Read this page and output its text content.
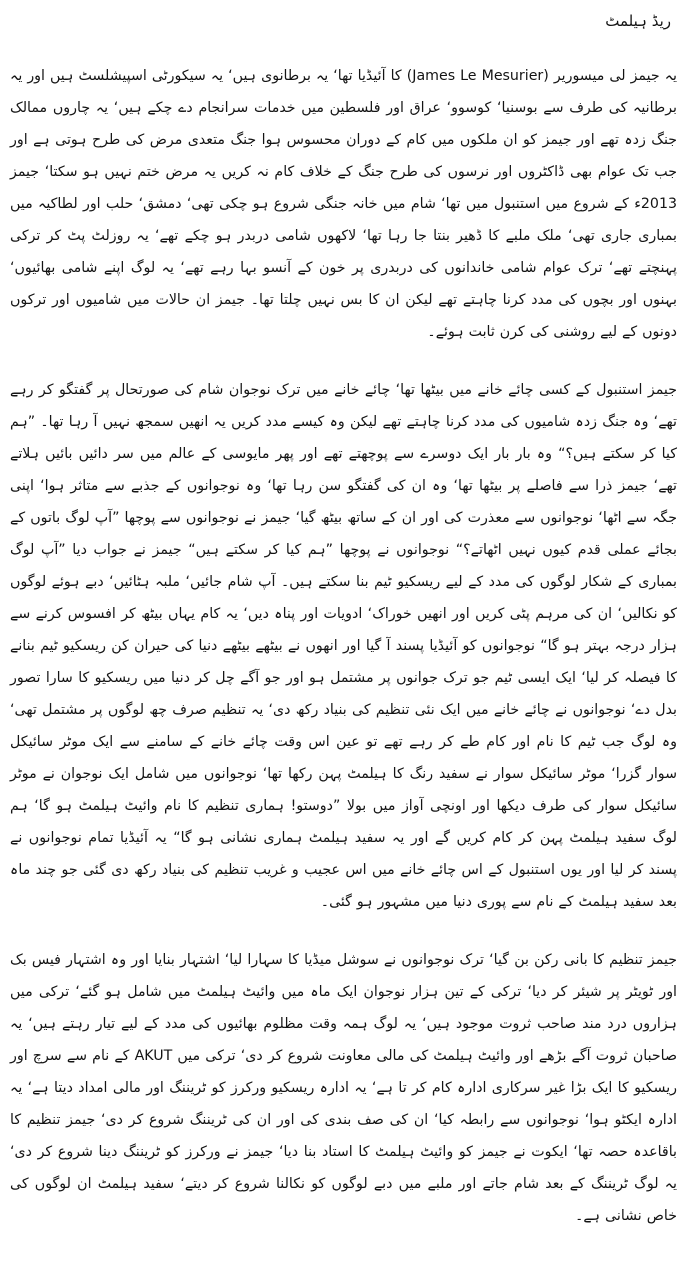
ریڈ ہیلمٹ

یہ جیمز لی میسوریر (James Le Mesurier) کا آئیڈیا تھا‘ یہ برطانوی ہیں‘ یہ سیکورٹی اسپیشلسٹ ہیں اور یہ برطانیہ کی طرف سے بوسنیا‘ کوسوو‘ عراق اور فلسطین میں خدمات سرانجام دے چکے ہیں‘ یہ چاروں ممالک جنگ زدہ تھے اور جیمز کو ان ملکوں میں کام کے دوران محسوس ہوا جنگ متعدی مرض کی طرح ہوتی ہے اور جب تک عوام بھی ڈاکٹروں اور نرسوں کی طرح جنگ کے خلاف کام نہ کریں یہ مرض ختم نہیں ہو سکتا‘ جیمز 2013ء کے شروع میں استنبول میں تھا‘ شام میں خانہ جنگی شروع ہو چکی تھی‘ دمشق‘ حلب اور لطاکیہ میں بمباری جاری تھی‘ ملک ملبے کا ڈھیر بنتا جا رہا تھا‘ لاکھوں شامی دربدر ہو چکے تھے‘ یہ روزلٹ پٹ کر ترکی پہنچتے تھے‘ ترک عوام شامی خاندانوں کی دربدری پر خون کے آنسو بہا رہے تھے‘ یہ لوگ اپنے شامی بھائیوں‘ بہنوں اور بچوں کی مدد کرنا چاہتے تھے لیکن ان کا بس نہیں چلتا تھا۔ جیمز ان حالات میں شامیوں اور ترکوں دونوں کے لیے روشنی کی کرن ثابت ہوئے۔

جیمز استنبول کے کسی چائے خانے میں بیٹھا تھا‘ چائے خانے میں ترک نوجوان شام کی صورتحال پر گفتگو کر رہے تھے‘ وہ جنگ زدہ شامیوں کی مدد کرنا چاہتے تھے لیکن وہ کیسے مدد کریں یہ انھیں سمجھ نہیں آ رہا تھا۔ ”ہم کیا کر سکتے ہیں؟“ وہ بار بار ایک دوسرے سے پوچھتے تھے اور پھر مایوسی کے عالم میں سر دائیں بائیں ہلاتے تھے‘ جیمز ذرا سے فاصلے پر بیٹھا تھا‘ وہ ان کی گفتگو سن رہا تھا‘ وہ نوجوانوں کے جذبے سے متاثر ہوا‘ اپنی جگہ سے اٹھا‘ نوجوانوں سے معذرت کی اور ان کے ساتھ بیٹھ گیا‘ جیمز نے نوجوانوں سے پوچھا ”آپ لوگ باتوں کے بجائے عملی قدم کیوں نہیں اٹھاتے؟“ نوجوانوں نے پوچھا ”ہم کیا کر سکتے ہیں“ جیمز نے جواب دیا ”آپ لوگ بمباری کے شکار لوگوں کی مدد کے لیے ریسکیو ٹیم بنا سکتے ہیں۔ آپ شام جائیں‘ ملبہ ہٹائیں‘ دبے ہوئے لوگوں کو نکالیں‘ ان کی مرہم پٹی کریں اور انھیں خوراک‘ ادویات اور پناہ دیں‘ یہ کام یہاں بیٹھ کر افسوس کرنے سے ہزار درجہ بہتر ہو گا“ نوجوانوں کو آئیڈیا پسند آ گیا اور انھوں نے بیٹھے بیٹھے دنیا کی حیران کن ریسکیو ٹیم بنانے کا فیصلہ کر لیا‘ ایک ایسی ٹیم جو ترک جوانوں پر مشتمل ہو اور جو آگے چل کر دنیا میں ریسکیو کا سارا تصور بدل دے‘ نوجوانوں نے چائے خانے میں ایک نئی تنظیم کی بنیاد رکھ دی‘ یہ تنظیم صرف چھ لوگوں پر مشتمل تھی‘ وہ لوگ جب ٹیم کا نام اور کام طے کر رہے تھے تو عین اس وقت چائے خانے کے سامنے سے ایک موٹر سائیکل سوار گزرا‘ موٹر سائیکل سوار نے سفید رنگ کا ہیلمٹ پہن رکھا تھا‘ نوجوانوں میں شامل ایک نوجوان نے موٹر سائیکل سوار کی طرف دیکھا اور اونچی آواز میں بولا ”دوستو! ہماری تنظیم کا نام وائیٹ ہیلمٹ ہو گا‘ ہم لوگ سفید ہیلمٹ پہن کر کام کریں گے اور یہ سفید ہیلمٹ ہماری نشانی ہو گا“ یہ آئیڈیا تمام نوجوانوں نے پسند کر لیا اور یوں استنبول کے اس چائے خانے میں اس عجیب و غریب تنظیم کی بنیاد رکھ دی گئی جو چند ماہ بعد سفید ہیلمٹ کے نام سے پوری دنیا میں مشہور ہو گئی۔

جیمز تنظیم کا بانی رکن بن گیا‘ ترک نوجوانوں نے سوشل میڈیا کا سہارا لیا‘ اشتہار بنایا اور وہ اشتہار فیس بک اور ٹویٹر پر شیئر کر دیا‘ ترکی کے تین ہزار نوجوان ایک ماہ میں وائیٹ ہیلمٹ میں شامل ہو گئے‘ ترکی میں ہزاروں درد مند صاحب ثروت موجود ہیں‘ یہ لوگ ہمہ وقت مظلوم بھائیوں کی مدد کے لیے تیار رہتے ہیں‘ یہ صاحبان ثروت آگے بڑھے اور وائیٹ ہیلمٹ کی مالی معاونت شروع کر دی‘ ترکی میں AKUT کے نام سے سرچ اور ریسکیو کا ایک بڑا غیر سرکاری ادارہ کام کر تا ہے‘ یہ ادارہ ریسکیو ورکرز کو ٹریننگ اور مالی امداد دیتا ہے‘ یہ ادارہ ایکٹو ہوا‘ نوجوانوں سے رابطہ کیا‘ ان کی صف بندی کی اور ان کی ٹریننگ شروع کر دی‘ جیمز تنظیم کا باقاعدہ حصہ تھا‘ ایکوت نے جیمز کو وائیٹ ہیلمٹ کا استاد بنا دیا‘ جیمز نے ورکرز کو ٹریننگ دینا شروع کر دی‘ یہ لوگ ٹریننگ کے بعد شام جاتے اور ملبے میں دبے لوگوں کو نکالنا شروع کر دیتے‘ سفید ہیلمٹ ان لوگوں کی خاص نشانی ہے۔
